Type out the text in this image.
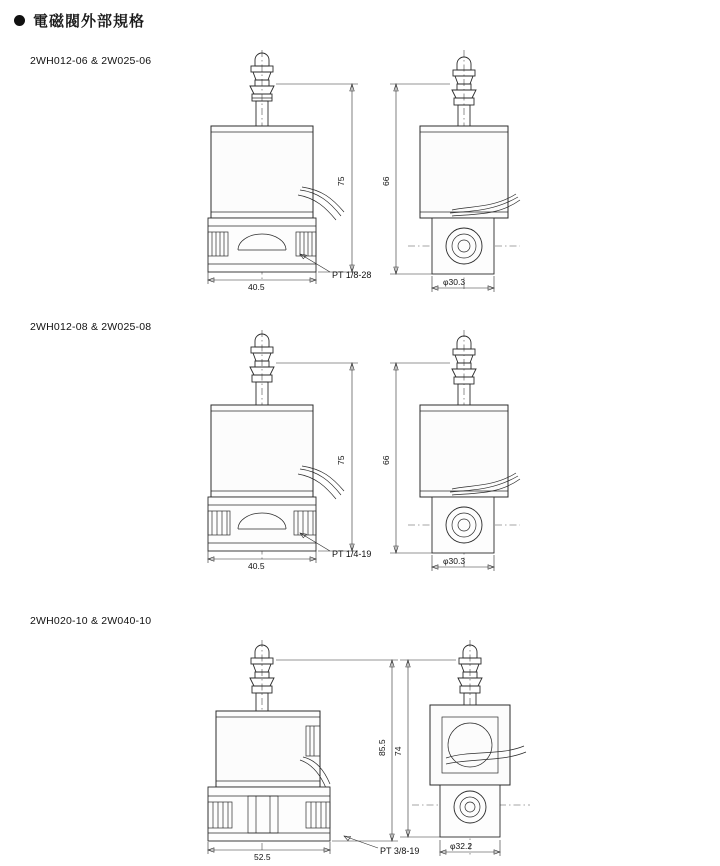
電磁閥外部規格
2WH012-06 & 2W025-06
40.5
75
PT 1/8-28
66
φ30.3
2WH012-08 & 2W025-08
40.5
75
PT 1/4-19
66
φ30.3
2WH020-10 & 2W040-10
52.5
85.5
PT 3/8-19
74
φ32.2
